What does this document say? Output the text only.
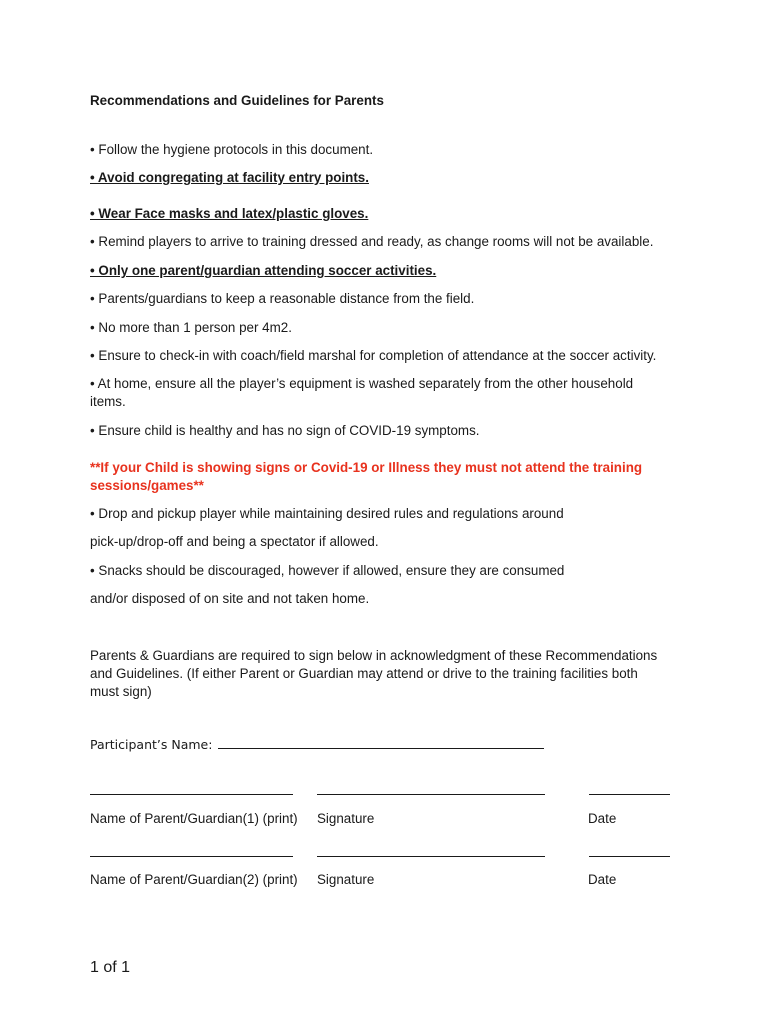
Recommendations and Guidelines for Parents
• Follow the hygiene protocols in this document.
• Avoid congregating at facility entry points.
• Wear Face masks and latex/plastic gloves.
• Remind players to arrive to training dressed and ready, as change rooms will not be available.
• Only one parent/guardian attending soccer activities.
• Parents/guardians to keep a reasonable distance from the field.
• No more than 1 person per 4m2.
• Ensure to check-in with coach/field marshal for completion of attendance at the soccer activity.
• At home, ensure all the player’s equipment is washed separately from the other household items.
• Ensure child is healthy and has no sign of COVID-19 symptoms.
**If your Child is showing signs or Covid-19 or Illness they must not attend the training sessions/games**
• Drop and pickup player while maintaining desired rules and regulations around
pick-up/drop-off and being a spectator if allowed.
• Snacks should be discouraged, however if allowed, ensure they are consumed
and/or disposed of on site and not taken home.
Parents & Guardians are required to sign below in acknowledgment of these Recommendations and Guidelines. (If either Parent or Guardian may attend or drive to the training facilities both must sign)
Participant’s Name:
Name of Parent/Guardian(1) (print) Signature	Date
Name of Parent/Guardian(2) (print) Signature	Date
1 of 1
